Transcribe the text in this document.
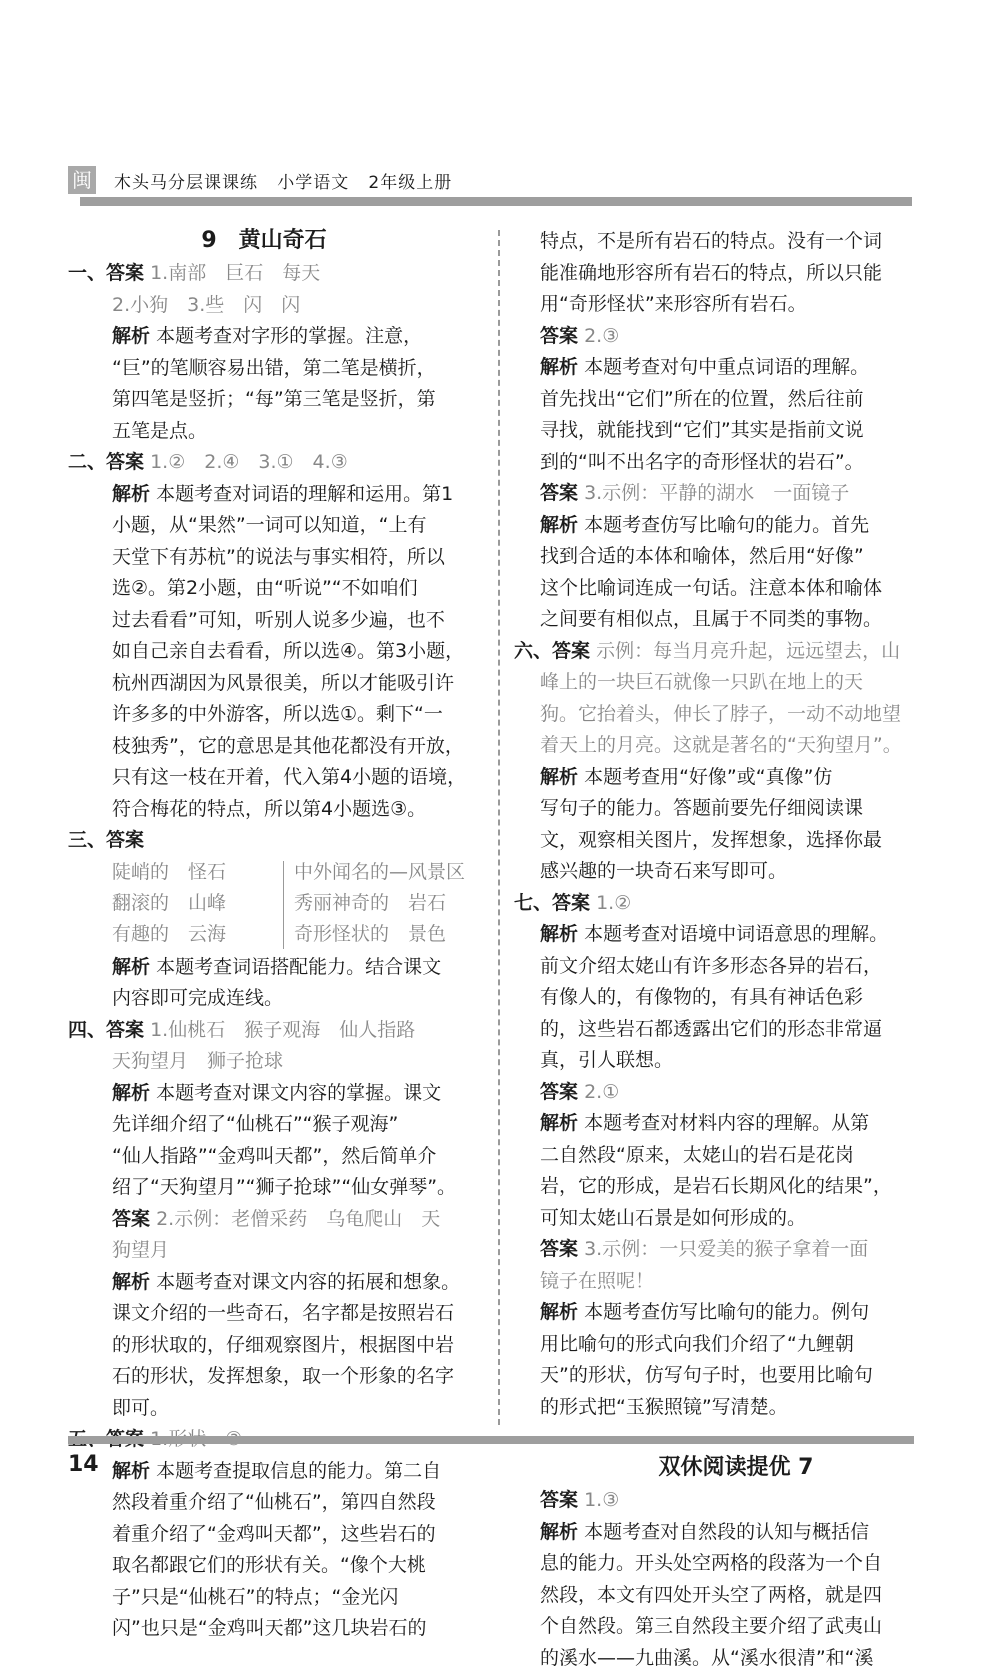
闽 木头马分层课课练   小学语文   2年级上册
9 黄山奇石
一、答案 1.南部　巨石　每天
2.小狗　3.些　闪　闪
解析 本题考查对字形的掌握。注意，
“巨”的笔顺容易出错，第二笔是横折，
第四笔是竖折；“每”第三笔是竖折，第
五笔是点。
二、答案 1.②　2.④　3.①　4.③
解析 本题考查对词语的理解和运用。第1
小题，从“果然”一词可以知道，“上有
天堂下有苏杭”的说法与事实相符，所以
选②。第2小题，由“听说”“不如咱们
过去看看”可知，听别人说多少遍，也不
如自己亲自去看看，所以选④。第3小题，
杭州西湖因为风景很美，所以才能吸引许
许多多的中外游客，所以选①。剩下“一
枝独秀”，它的意思是其他花都没有开放，
只有这一枝在开着，代入第4小题的语境，
符合梅花的特点，所以第4小题选③。
三、答案
陡峭的　怪石
翻滚的　山峰
有趣的　云海
中外闻名的—风景区
秀丽神奇的　岩石
奇形怪状的　景色
解析 本题考查词语搭配能力。结合课文
内容即可完成连线。
四、答案 1.仙桃石　猴子观海　仙人指路
天狗望月　狮子抢球
解析 本题考查对课文内容的掌握。课文
先详细介绍了“仙桃石”“猴子观海”
“仙人指路”“金鸡叫天都”，然后简单介
绍了“天狗望月”“狮子抢球”“仙女弹琴”。
答案 2.示例：老僧采药　乌龟爬山　天
狗望月
解析 本题考查对课文内容的拓展和想象。
课文介绍的一些奇石，名字都是按照岩石
的形状取的，仔细观察图片，根据图中岩
石的形状，发挥想象，取一个形象的名字
即可。
解析 本题考查提取信息的能力。第二自
然段着重介绍了“仙桃石”，第四自然段
着重介绍了“金鸡叫天都”，这些岩石的
取名都跟它们的形状有关。“像个大桃
子”只是“仙桃石”的特点；“金光闪
闪”也只是“金鸡叫天都”这几块岩石的
特点，不是所有岩石的特点。没有一个词
能准确地形容所有岩石的特点，所以只能
用“奇形怪状”来形容所有岩石。
答案 2.③
解析 本题考查对句中重点词语的理解。
首先找出“它们”所在的位置，然后往前
寻找，就能找到“它们”其实是指前文说
到的“叫不出名字的奇形怪状的岩石”。
答案 3.示例：平静的湖水　一面镜子
解析 本题考查仿写比喻句的能力。首先
找到合适的本体和喻体，然后用“好像”
这个比喻词连成一句话。注意本体和喻体
之间要有相似点，且属于不同类的事物。
六、答案 示例：每当月亮升起，远远望去，山
峰上的一块巨石就像一只趴在地上的天
狗。它抬着头，伸长了脖子，一动不动地望
着天上的月亮。这就是著名的“天狗望月”。
解析 本题考查用“好像”或“真像”仿
写句子的能力。答题前要先仔细阅读课
文，观察相关图片，发挥想象，选择你最
感兴趣的一块奇石来写即可。
七、答案 1.②
解析 本题考查对语境中词语意思的理解。
前文介绍太姥山有许多形态各异的岩石，
有像人的，有像物的，有具有神话色彩
的，这些岩石都透露出它们的形态非常逼
真，引人联想。
答案 2.①
解析 本题考查对材料内容的理解。从第
二自然段“原来，太姥山的岩石是花岗
岩，它的形成，是岩石长期风化的结果”，
可知太姥山石景是如何形成的。
答案 3.示例：一只爱美的猴子拿着一面
镜子在照呢！
解析 本题考查仿写比喻句的能力。例句
用比喻句的形式向我们介绍了“九鲤朝
天”的形状，仿写句子时，也要用比喻句
的形式把“玉猴照镜”写清楚。
双休阅读提优 7
答案 1.③
解析 本题考查对自然段的认知与概括信
息的能力。开头处空两格的段落为一个自
然段，本文有四处开头空了两格，就是四
个自然段。第三自然段主要介绍了武夷山
的溪水——九曲溪。从“溪水很清”和“溪
14
